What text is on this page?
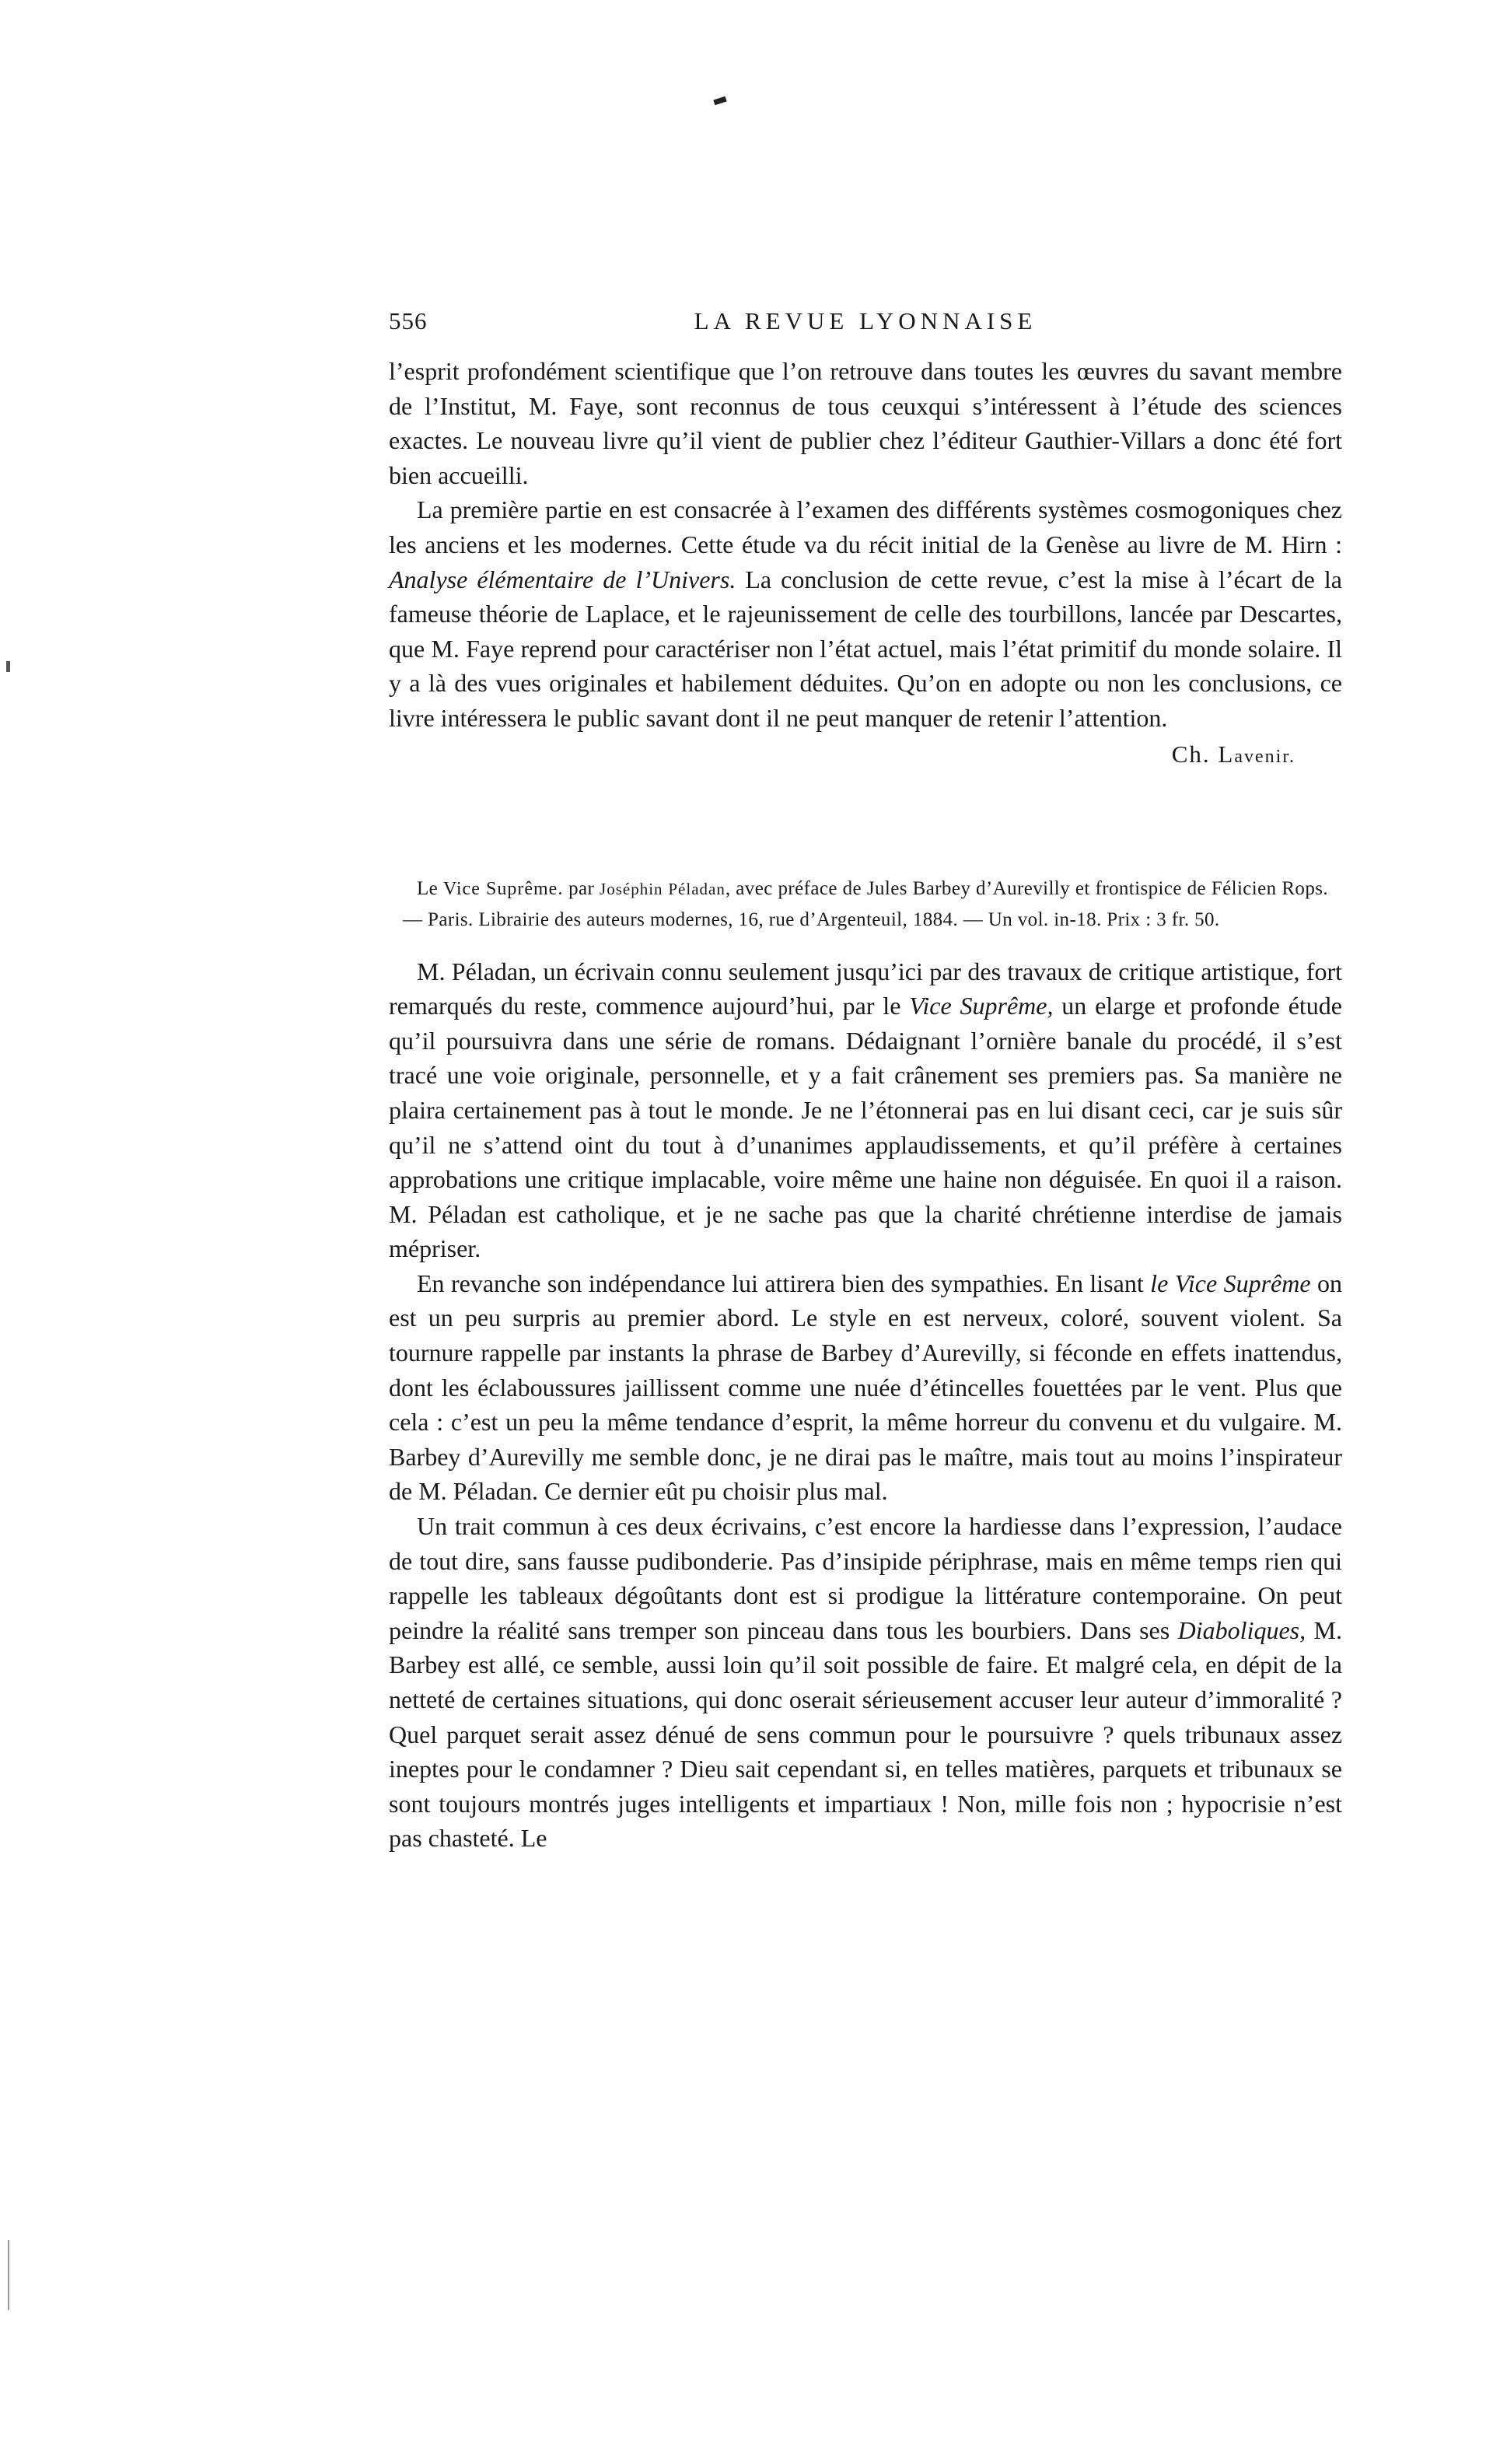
556	LA REVUE LYONNAISE

l’esprit profondément scientifique que l’on retrouve dans toutes les œuvres du savant membre de l’Institut, M. Faye, sont reconnus de tous ceuxqui s’intéressent à l’étude des sciences exactes. Le nouveau livre qu’il vient de publier chez l’éditeur Gauthier-Villars a donc été fort bien accueilli.

La première partie en est consacrée à l’examen des différents systèmes cosmogoniques chez les anciens et les modernes. Cette étude va du récit initial de la Genèse au livre de M. Hirn : Analyse élémentaire de l’Univers. La conclusion de cette revue, c’est la mise à l’écart de la fameuse théorie de Laplace, et le rajeunissement de celle des tourbillons, lancée par Descartes, que M. Faye reprend pour caractériser non l’état actuel, mais l’état primitif du monde solaire. Il y a là des vues originales et habilement déduites. Qu’on en adopte ou non les conclusions, ce livre intéressera le public savant dont il ne peut manquer de retenir l’attention.

Ch. Lavenir.
Le Vice Suprême. par Joséphin Péladan, avec préface de Jules Barbey d’Aurevilly et frontispice de Félicien Rops. — Paris. Librairie des auteurs modernes, 16, rue d’Argenteuil, 1884. — Un vol. in-18. Prix : 3 fr. 50.

M. Péladan, un écrivain connu seulement jusqu’ici par des travaux de critique artistique, fort remarqués du reste, commence aujourd’hui, par le Vice Suprême, un elarge et profonde étude qu’il poursuivra dans une série de romans. Dédaignant l’ornière banale du procédé, il s’est tracé une voie originale, personnelle, et y a fait crânement ses premiers pas. Sa manière ne plaira certainement pas à tout le monde. Je ne l’étonnerai pas en lui disant ceci, car je suis sûr qu’il ne s’attend oint du tout à d’unanimes applaudissements, et qu’il préfère à certaines approbations une critique implacable, voire même une haine non déguisée. En quoi il a raison. M. Péladan est catholique, et je ne sache pas que la charité chrétienne interdise de jamais mépriser.

En revanche son indépendance lui attirera bien des sympathies. En lisant le Vice Suprême on est un peu surpris au premier abord. Le style en est nerveux, coloré, souvent violent. Sa tournure rappelle par instants la phrase de Barbey d’Aurevilly, si féconde en effets inattendus, dont les éclaboussures jaillissent comme une nuée d’étincelles fouettées par le vent. Plus que cela : c’est un peu la même tendance d’esprit, la même horreur du convenu et du vulgaire. M. Barbey d’Aurevilly me semble donc, je ne dirai pas le maître, mais tout au moins l’inspirateur de M. Péladan. Ce dernier eût pu choisir plus mal.

Un trait commun à ces deux écrivains, c’est encore la hardiesse dans l’expression, l’audace de tout dire, sans fausse pudibonderie. Pas d’insipide périphrase, mais en même temps rien qui rappelle les tableaux dégoûtants dont est si prodigue la littérature contemporaine. On peut peindre la réalité sans tremper son pinceau dans tous les bourbiers. Dans ses Diaboliques, M. Barbey est allé, ce semble, aussi loin qu’il soit possible de faire. Et malgré cela, en dépit de la netteté de certaines situations, qui donc oserait sérieusement accuser leur auteur d’immoralité ? Quel parquet serait assez dénué de sens commun pour le poursuivre ? quels tribunaux assez ineptes pour le condamner ? Dieu sait cependant si, en telles matières, parquets et tribunaux se sont toujours montrés juges intelligents et impartiaux ! Non, mille fois non ; hypocrisie n’est pas chasteté. Le
